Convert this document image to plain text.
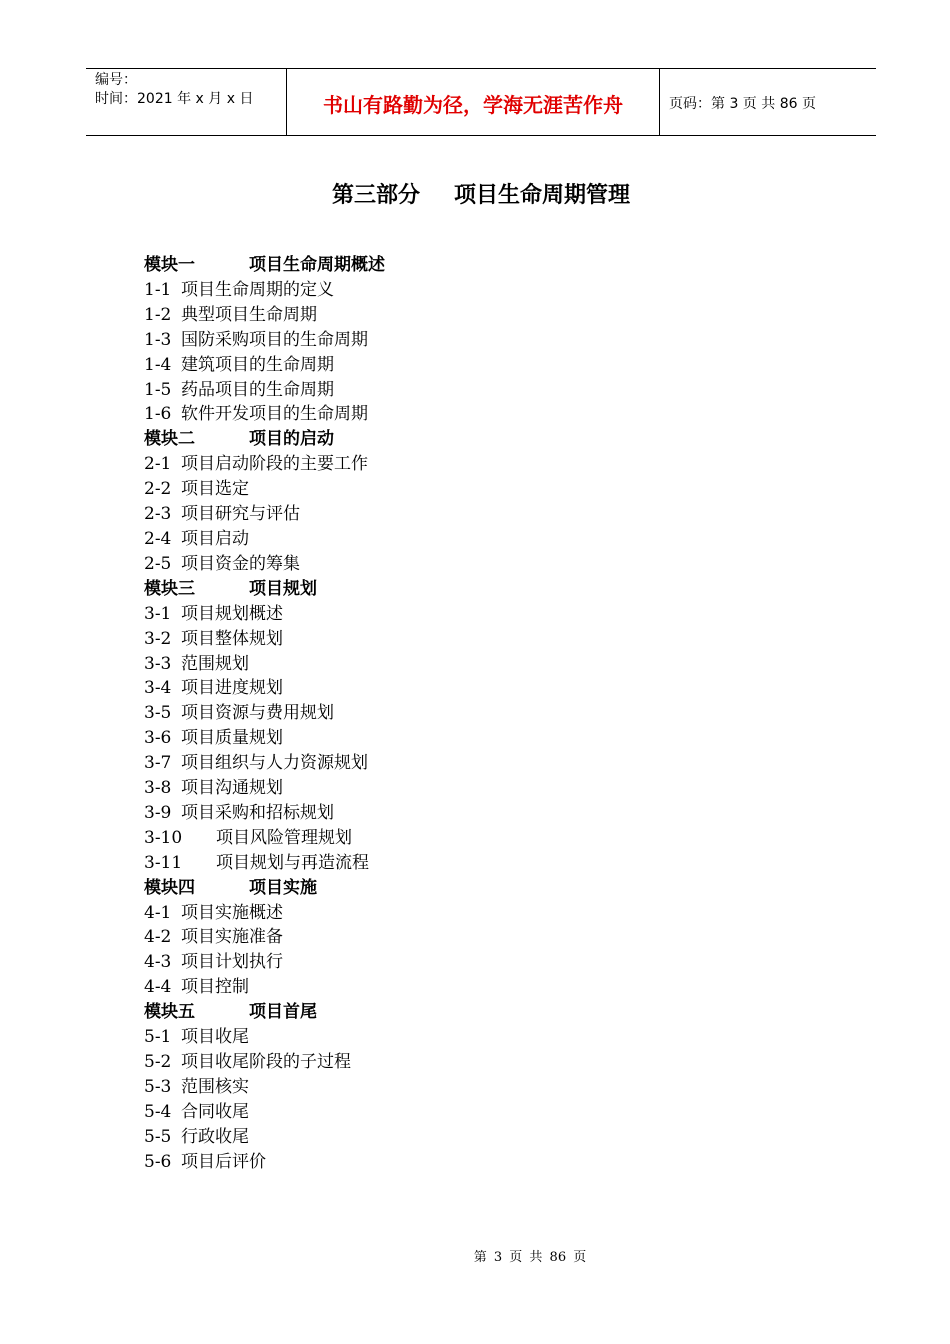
编号：
时间：2021 年 x 月 x 日	书山有路勤为径，学海无涯苦作舟	页码：第 3 页 共 86 页
第三部分 项目生命周期管理
模块一	项目生命周期概述
1-1 项目生命周期的定义
1-2 典型项目生命周期
1-3 国防采购项目的生命周期
1-4 建筑项目的生命周期
1-5 药品项目的生命周期
1-6 软件开发项目的生命周期
模块二	项目的启动
2-1 项目启动阶段的主要工作
2-2 项目选定
2-3 项目研究与评估
2-4 项目启动
2-5 项目资金的筹集
模块三	项目规划
3-1 项目规划概述
3-2 项目整体规划
3-3 范围规划
3-4 项目进度规划
3-5 项目资源与费用规划
3-6 项目质量规划
3-7 项目组织与人力资源规划
3-8 项目沟通规划
3-9 项目采购和招标规划
3-10 项目风险管理规划
3-11 项目规划与再造流程
模块四	项目实施
4-1 项目实施概述
4-2 项目实施准备
4-3 项目计划执行
4-4 项目控制
模块五	项目首尾
5-1 项目收尾
5-2 项目收尾阶段的子过程
5-3 范围核实
5-4 合同收尾
5-5 行政收尾
5-6 项目后评价
第 3 页 共 86 页
